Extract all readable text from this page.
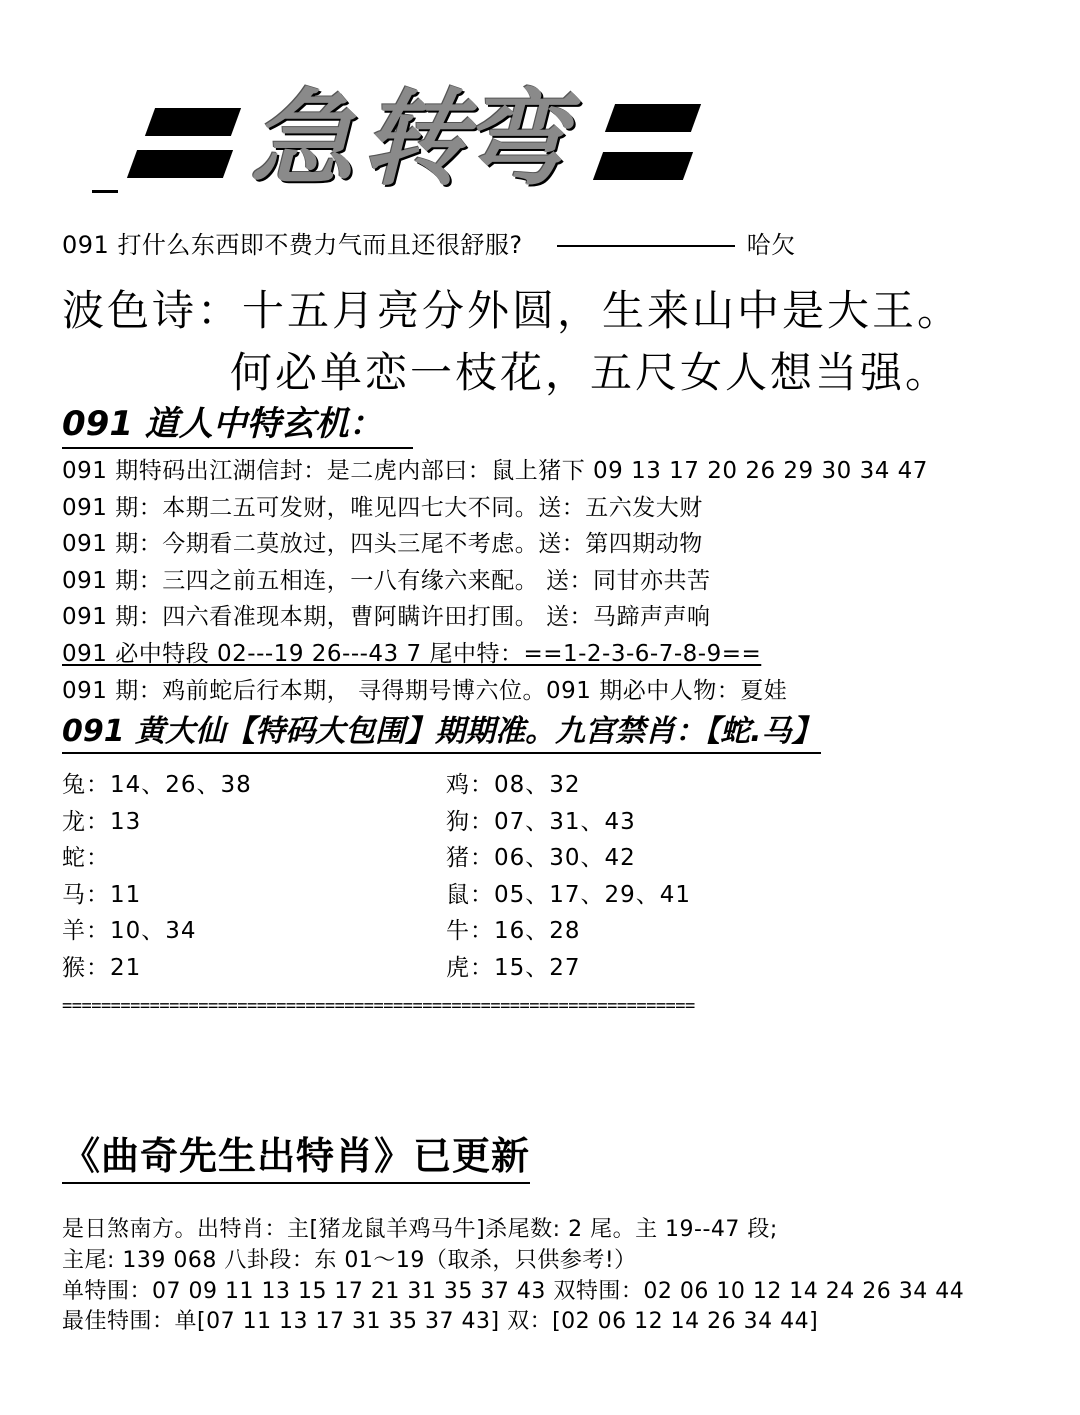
急 转
弯
091 打什么东西即不费力气而且还很舒服?	哈欠
波色诗：十五月亮分外圆，生来山中是大王。
何必单恋一枝花，五尺女人想当强。
091 道人中特玄机：
091 期特码出江湖信封：是二虎内部曰：鼠上猪下 09 13 17 20 26 29 30 34 47
091 期：本期二五可发财，唯见四七大不同。送：五六发大财
091 期：今期看二莫放过，四头三尾不考虑。送：第四期动物
091 期：三四之前五相连，一八有缘六来配。 送：同甘亦共苦
091 期：四六看准现本期，曹阿瞒许田打围。 送：马蹄声声响
091 必中特段 02---19 26---43 7 尾中特：==1-2-3-6-7-8-9==
091 期：鸡前蛇后行本期， 寻得期号博六位。091 期必中人物：夏娃
091 黄大仙【特码大包围】期期准。九宫禁肖：【蛇.马】
兔：14、26、38
龙：13
蛇：
马：11
羊：10、34
猴：21
鸡：08、32
狗：07、31、43
猪：06、30、42
鼠：05、17、29、41
牛：16、28
虎：15、27
=================================================================
《曲奇先生出特肖》已更新
是日煞南方。出特肖：主[猪龙鼠羊鸡马牛]杀尾数: 2 尾。主 19--47 段;
主尾: 139 068 八卦段：东 01～19（取杀，只供参考!）
单特围：07 09 11 13 15 17 21 31 35 37 43 双特围：02 06 10 12 14 24 26 34 44
最佳特围：单[07 11 13 17 31 35 37 43] 双：[02 06 12 14 26 34 44]
